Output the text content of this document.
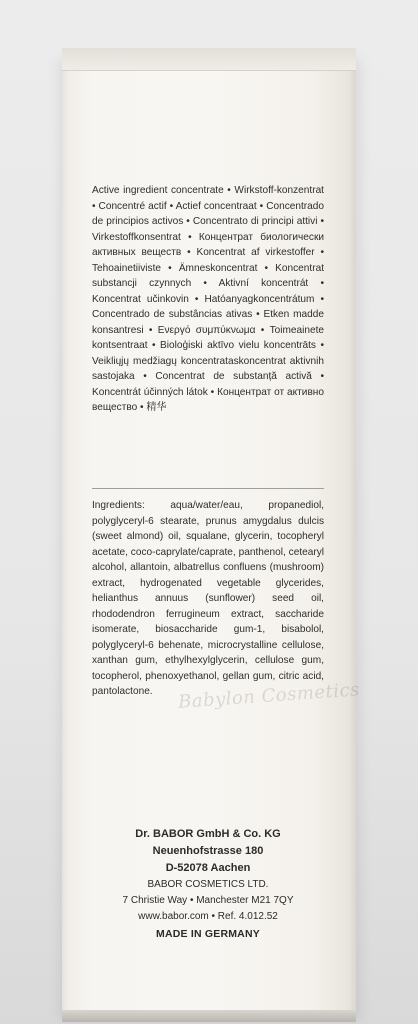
Active ingredient concentrate • Wirkstoff-konzentrat • Concentré actif • Actief concentraat • Concentrado de principios activos • Concentrato di principi attivi • Virkestoffkonsentrat • Концентрат биологически активных веществ • Koncentrat af virkestoffer • Tehoainetiiviste • Ämneskoncentrat • Koncentrat substancji czynnych • Aktivní koncentrát • Koncentrat učinkovin • Hatóanyagkoncentrátum • Concentrado de substâncias ativas • Etken madde konsantresi • Ενεργό συμπύκνωμα • Toimeainete kontsentraat • Bioloģiski aktīvo vielu koncentrāts • Veikliųjų medžiagų koncentrataskoncentrat aktivnih sastojaka • Concentrat de substanță activă • Koncentrát účinných látok • Концентрат от активно вещество • 精华
Ingredients: aqua/water/eau, propanediol, polyglyceryl-6 stearate, prunus amygdalus dulcis (sweet almond) oil, squalane, glycerin, tocopheryl acetate, coco-caprylate/caprate, panthenol, cetearyl alcohol, allantoin, albatrellus confluens (mushroom) extract, hydrogenated vegetable glycerides, helianthus annuus (sunflower) seed oil, rhododendron ferrugineum extract, saccharide isomerate, biosaccharide gum-1, bisabolol, polyglyceryl-6 behenate, microcrystalline cellulose, xanthan gum, ethylhexylglycerin, cellulose gum, tocopherol, phenoxyethanol, gellan gum, citric acid, pantolactone.	Babylon Cosmetics
Dr. BABOR GmbH & Co. KG
Neuenhofstrasse 180
D-52078 Aachen
BABOR COSMETICS LTD.
7 Christie Way • Manchester M21 7QY
www.babor.com • Ref. 4.012.52
MADE IN GERMANY
